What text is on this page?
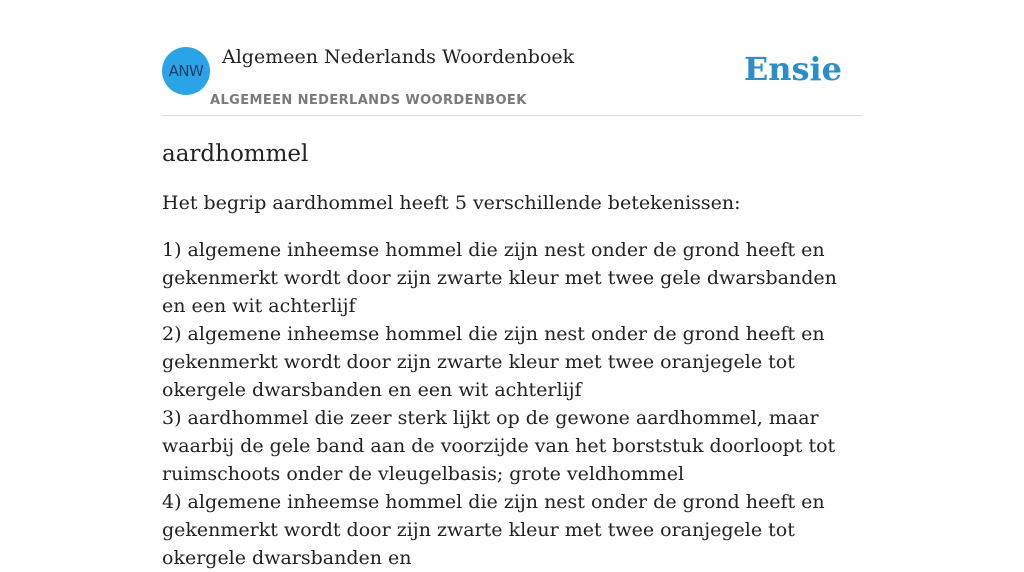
ANW
Algemeen Nederlands Woordenboek
ALGEMEEN NEDERLANDS WOORDENBOEK
Ensie
aardhommel

Het begrip aardhommel heeft 5 verschillende betekenissen:

1) algemene inheemse hommel die zijn nest onder de grond heeft en gekenmerkt wordt door zijn zwarte kleur met twee gele dwarsbanden en een wit achterlijf
2) algemene inheemse hommel die zijn nest onder de grond heeft en gekenmerkt wordt door zijn zwarte kleur met twee oranjegele tot okergele dwarsbanden en een wit achterlijf
3) aardhommel die zeer sterk lijkt op de gewone aardhommel, maar waarbij de gele band aan de voorzijde van het borststuk doorloopt tot ruimschoots onder de vleugelbasis; grote veldhommel
4) algemene inheemse hommel die zijn nest onder de grond heeft en gekenmerkt wordt door zijn zwarte kleur met twee oranjegele tot okergele dwarsbanden en
